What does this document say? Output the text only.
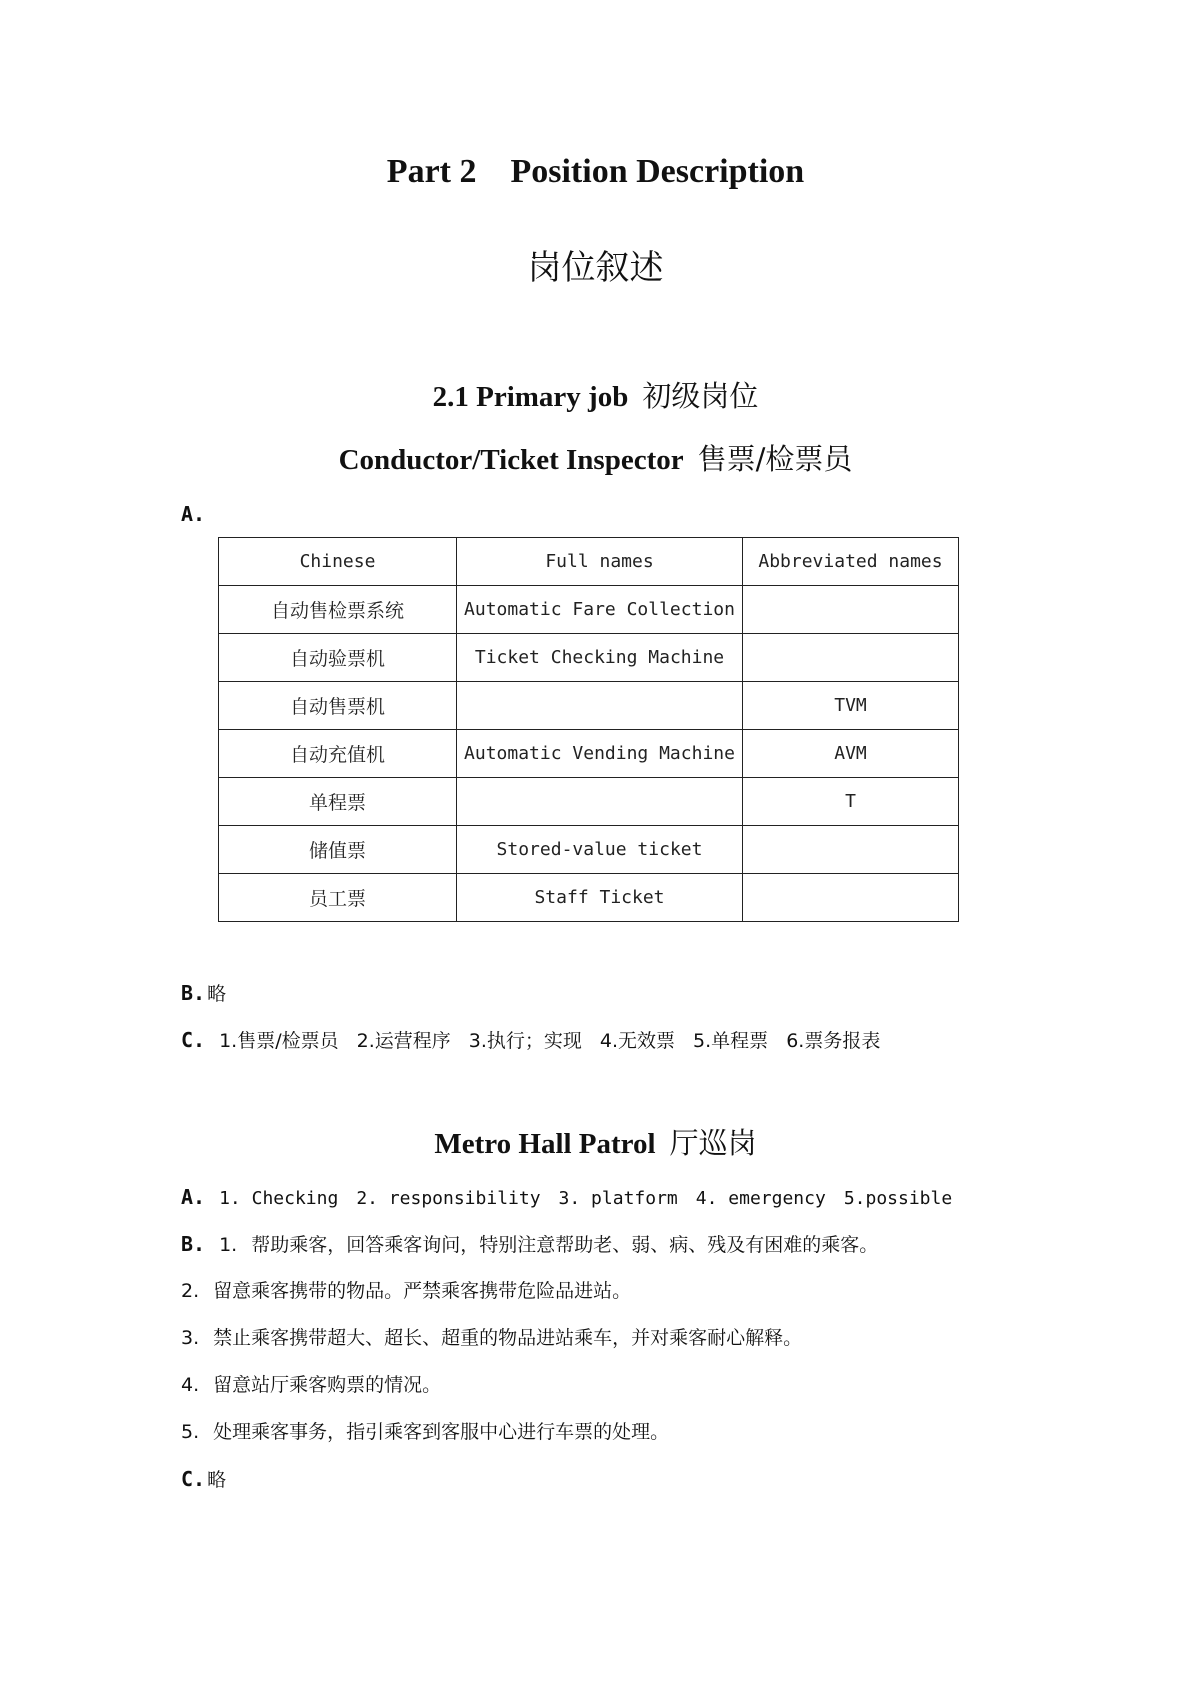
Part 2 Position Description
岗位叙述
2.1 Primary job 初级岗位
Conductor/Ticket Inspector 售票/检票员
A.
Chinese	Full names	Abbreviated names
自动售检票系统	Automatic Fare Collection	
自动验票机	Ticket Checking Machine	
自动售票机		TVM
自动充值机	Automatic Vending Machine	AVM
单程票		T
储值票	Stored-value ticket	
员工票	Staff Ticket	
B. 略
C. 1.售票/检票员 2.运营程序 3.执行；实现 4.无效票 5.单程票 6.票务报表
Metro Hall Patrol 厅巡岗
A. 1. Checking 2. responsibility 3. platform 4. emergency 5.possible
B. 1. 帮助乘客，回答乘客询问，特别注意帮助老、弱、病、残及有困难的乘客。
2. 留意乘客携带的物品。严禁乘客携带危险品进站。
3. 禁止乘客携带超大、超长、超重的物品进站乘车，并对乘客耐心解释。
4. 留意站厅乘客购票的情况。
5. 处理乘客事务，指引乘客到客服中心进行车票的处理。
C. 略
